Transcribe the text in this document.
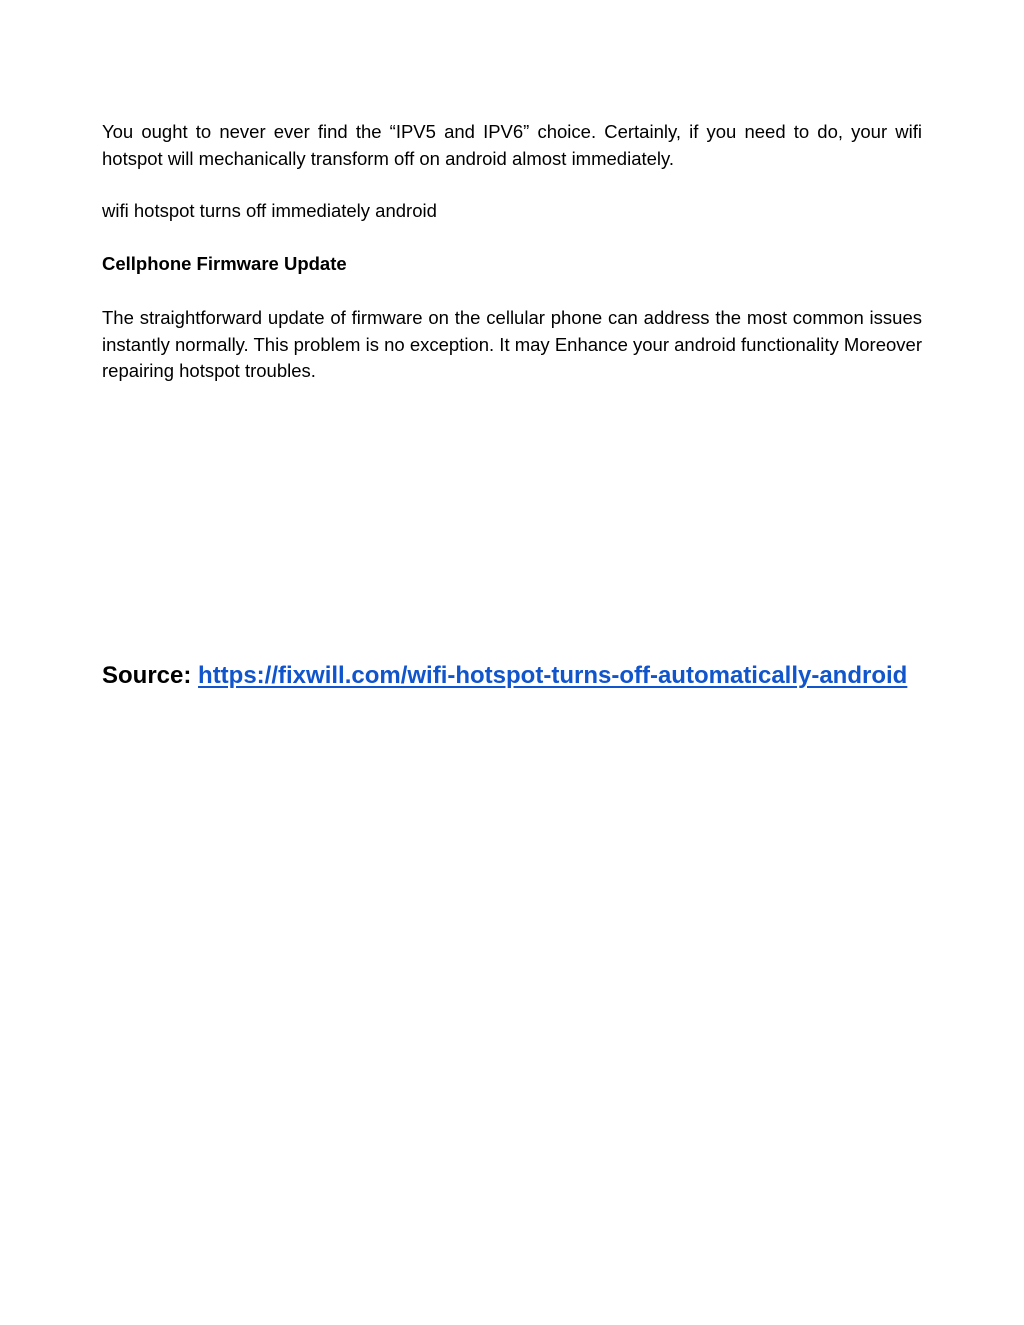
You ought to never ever find the “IPV5 and IPV6” choice. Certainly, if you need to do, your wifi hotspot will mechanically transform off on android almost immediately.

wifi hotspot turns off immediately android

Cellphone Firmware Update

The straightforward update of firmware on the cellular phone can address the most common issues instantly normally. This problem is no exception. It may Enhance your android functionality Moreover repairing hotspot troubles.

Source: https://fixwill.com/wifi-hotspot-turns-off-automatically-android
